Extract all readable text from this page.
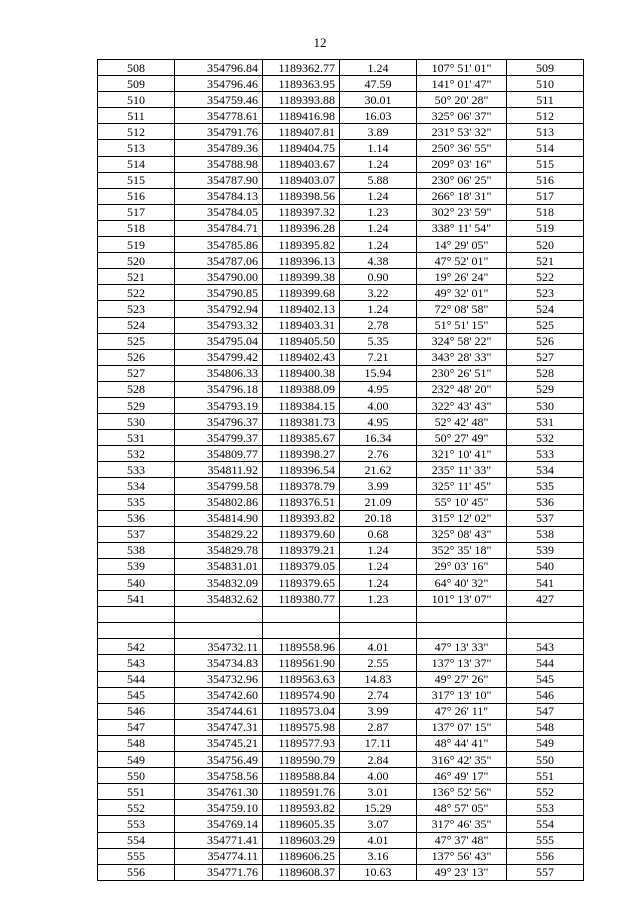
12
508	354796.84	1189362.77	1.24	107° 51' 01"	509
509	354796.46	1189363.95	47.59	141° 01' 47"	510
510	354759.46	1189393.88	30.01	50° 20' 28"	511
511	354778.61	1189416.98	16.03	325° 06' 37"	512
512	354791.76	1189407.81	3.89	231° 53' 32"	513
513	354789.36	1189404.75	1.14	250° 36' 55"	514
514	354788.98	1189403.67	1.24	209° 03' 16"	515
515	354787.90	1189403.07	5.88	230° 06' 25"	516
516	354784.13	1189398.56	1.24	266° 18' 31"	517
517	354784.05	1189397.32	1.23	302° 23' 59"	518
518	354784.71	1189396.28	1.24	338° 11' 54"	519
519	354785.86	1189395.82	1.24	14° 29' 05"	520
520	354787.06	1189396.13	4.38	47° 52' 01"	521
521	354790.00	1189399.38	0.90	19° 26' 24"	522
522	354790.85	1189399.68	3.22	49° 32' 01"	523
523	354792.94	1189402.13	1.24	72° 08' 58"	524
524	354793.32	1189403.31	2.78	51° 51' 15"	525
525	354795.04	1189405.50	5.35	324° 58' 22"	526
526	354799.42	1189402.43	7.21	343° 28' 33"	527
527	354806.33	1189400.38	15.94	230° 26' 51"	528
528	354796.18	1189388.09	4.95	232° 48' 20"	529
529	354793.19	1189384.15	4.00	322° 43' 43"	530
530	354796.37	1189381.73	4.95	52° 42' 48"	531
531	354799.37	1189385.67	16.34	50° 27' 49"	532
532	354809.77	1189398.27	2.76	321° 10' 41"	533
533	354811.92	1189396.54	21.62	235° 11' 33"	534
534	354799.58	1189378.79	3.99	325° 11' 45"	535
535	354802.86	1189376.51	21.09	55° 10' 45"	536
536	354814.90	1189393.82	20.18	315° 12' 02"	537
537	354829.22	1189379.60	0.68	325° 08' 43"	538
538	354829.78	1189379.21	1.24	352° 35' 18"	539
539	354831.01	1189379.05	1.24	29° 03' 16"	540
540	354832.09	1189379.65	1.24	64° 40' 32"	541
541	354832.62	1189380.77	1.23	101° 13' 07"	427

542	354732.11	1189558.96	4.01	47° 13' 33"	543
543	354734.83	1189561.90	2.55	137° 13' 37"	544
544	354732.96	1189563.63	14.83	49° 27' 26"	545
545	354742.60	1189574.90	2.74	317° 13' 10"	546
546	354744.61	1189573.04	3.99	47° 26' 11"	547
547	354747.31	1189575.98	2.87	137° 07' 15"	548
548	354745.21	1189577.93	17.11	48° 44' 41"	549
549	354756.49	1189590.79	2.84	316° 42' 35"	550
550	354758.56	1189588.84	4.00	46° 49' 17"	551
551	354761.30	1189591.76	3.01	136° 52' 56"	552
552	354759.10	1189593.82	15.29	48° 57' 05"	553
553	354769.14	1189605.35	3.07	317° 46' 35"	554
554	354771.41	1189603.29	4.01	47° 37' 48"	555
555	354774.11	1189606.25	3.16	137° 56' 43"	556
556	354771.76	1189608.37	10.63	49° 23' 13"	557
